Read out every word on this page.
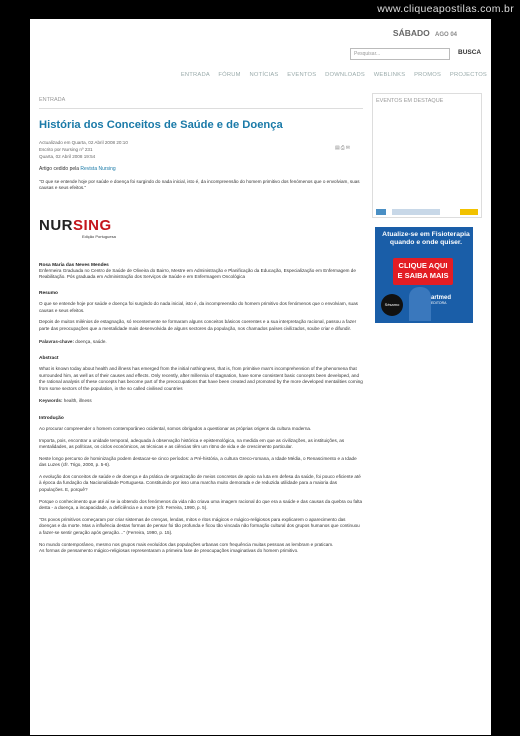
www.cliqueapostilas.com.br
SÁBADO AGO 04
Pesquisar...	BUSCA
ENTRADA FÓRUM NOTÍCIAS EVENTOS DOWNLOADS WEBLINKS PROMOS PROJECTOS
ENTRADA
História dos Conceitos de Saúde e de Doença
Actualizado em Quarta, 02 Abril 2008 20:10
Escrito por Nursing nº 231
Quarta, 02 Abril 2008 19:54
▤⎙✉
Artigo cedido pela Revista Nursing

"O que se entende hoje por saúde e doença foi surgindo do nada inicial, isto é, da incompreensão do homem primitivo dos fenómenos que o envolviam, suas causas e seus efeitos."

NURSING
Edição Portuguesa

Rosa Maria das Neves Mendes

Enfermeira Graduada no Centro de Saúde de Oliveira do Bairro, Mestre em Administração e Planificação da Educação, Especialização em Enfermagem de Reabilitação. Pós graduada em Administração dos Serviços de Saúde e em Enfermagem Oncológica

Resumo

O que se entende hoje por saúde e doença foi surgindo do nada inicial, isto é, da incompreensão do homem primitivo dos fenómenos que o envolviam, suas causas e seus efeitos.

Depois de muitos milénios de estagnação, só recentemente se formaram alguns conceitos básicos coerentes e a sua interpretação racional, passou a fazer parte das preocupações que a mentalidade mais desenvolvida de alguns sectores da população, nos chamados países civilizados, soube criar e difundir.

Palavras-chave: doença, saúde.

Abstract

What is known today about health and illness has emerged from the initial nothingness, that is, from primitive man's incomprehension of the phenomena that surrounded him, as well as of their causes and effects. Only recently, after millennia of stagnation, have some consistent basic concepts been developed, and the rational analysis of these concepts has become part of the preoccupations that have been created and promoted by the more developed mentalities coming from some sectors of the population, in the so called civilised countries

Keywords: health, illness

Introdução

Ao procurar compreender o homem contemporâneo ocidental, somos obrigados a questionar as próprias origens da cultura moderna.

Importa, pois, encontrar a unidade temporal, adequada à observação histórica e epistemológica, na medida em que as civilizações, as instituições, as mentalidades, as políticas, os ciclos económicos, as técnicas e as ciências têm um ritmo de vida e de crescimento particular.

Neste longo percurso de hominização podem destacar-se cinco períodos: a Pré-história, a cultura Greco-romana, a Idade Média, o Renascimento e a Idade das Luzes (cfr. Trigo, 2000, p. 5-6).

A evolução dos conceitos de saúde e de doença e da prática de organização de meios concretos de apoio na luta em defesa da saúde, foi pouco eficiente até à época da fundação da Nacionalidade Portuguesa. Constituindo por isso uma marcha muito demorada e de reduzida utilidade para a maioria das populações. E, porquê?

Porque o conhecimento que até aí se ia obtendo dos fenómenos da vida não criava uma imagem racional do que era a saúde e das causas da quebra ou falta desta - a doença, a incapacidade, a deficiência e a morte (cfr. Ferreira, 1990, p. 5).

"Os povos primitivos começaram por criar sistemas de crenças, lendas, mitos e ritos mágicos e mágico-religiosos para explicarem o aparecimento das doenças e da morte. Mas a influência destas formas de pensar foi tão profunda e ficou tão vincada não formação cultural dos grupos humanos que continuou a fazer-se sentir geração após geração…" (Ferreira, 1990, p. 15).

No mundo contemporâneo, mesmo nos grupos mais evoluídos das populações urbanas com frequência muitas pessoas as lembram e praticam.

As formas de pensamento mágico-religiosas representaram a primeira fase de preocupações imaginativas do homem primitivo.

EVENTOS EM DESTAQUE
Atualize-se em Fisioterapia
quando e onde quiser.
CLIQUE AQUI
E SAIBA MAIS
Sésamo
artmed
EDITORA
